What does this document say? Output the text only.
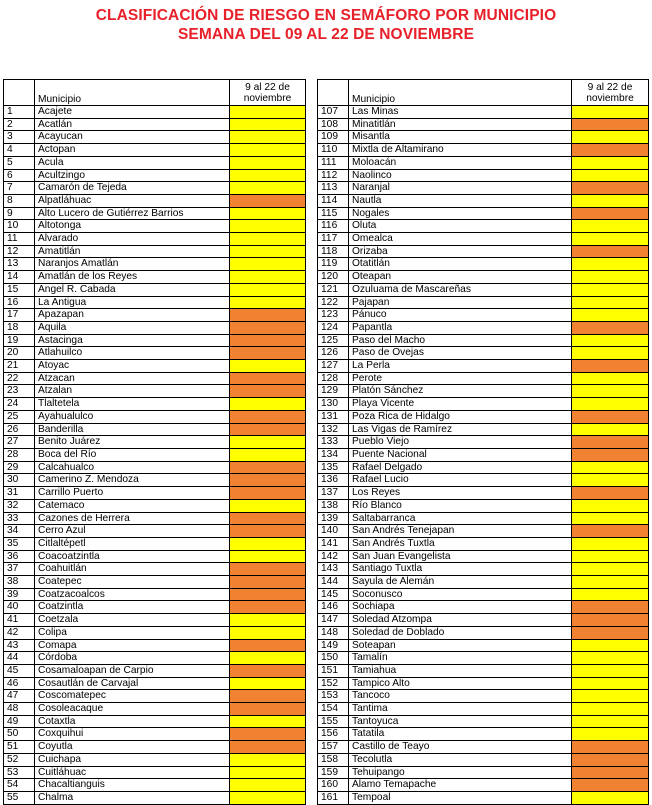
CLASIFICACIÓN DE RIESGO EN SEMÁFORO POR MUNICIPIO
SEMANA DEL 09 AL 22 DE NOVIEMBRE
	Municipio	9 al 22 de
noviembre
1	Acajete	
2	Acatlán	
3	Acayucan	
4	Actopan	
5	Acula	
6	Acultzingo	
7	Camarón de Tejeda	
8	Alpatláhuac	
9	Alto Lucero de Gutiérrez Barrios	
10	Altotonga	
11	Alvarado	
12	Amatitlán	
13	Naranjos Amatlán	
14	Amatlán de los Reyes	
15	Angel R. Cabada	
16	La Antigua	
17	Apazapan	
18	Aquila	
19	Astacinga	
20	Atlahuilco	
21	Atoyac	
22	Atzacan	
23	Atzalan	
24	Tlaltetela	
25	Ayahualulco	
26	Banderilla	
27	Benito Juárez	
28	Boca del Río	
29	Calcahualco	
30	Camerino Z. Mendoza	
31	Carrillo Puerto	
32	Catemaco	
33	Cazones de Herrera	
34	Cerro Azul	
35	Citlaltépetl	
36	Coacoatzintla	
37	Coahuitlán	
38	Coatepec	
39	Coatzacoalcos	
40	Coatzintla	
41	Coetzala	
42	Colipa	
43	Comapa	
44	Córdoba	
45	Cosamaloapan de Carpio	
46	Cosautlán de Carvajal	
47	Coscomatepec	
48	Cosoleacaque	
49	Cotaxtla	
50	Coxquihui	
51	Coyutla	
52	Cuichapa	
53	Cuitláhuac	
54	Chacaltianguis	
55	Chalma	
	Municipio	9 al 22 de
noviembre
107	Las Minas	
108	Minatitlán	
109	Misantla	
110	Mixtla de Altamirano	
111	Moloacán	
112	Naolinco	
113	Naranjal	
114	Nautla	
115	Nogales	
116	Oluta	
117	Omealca	
118	Orizaba	
119	Otatitlán	
120	Oteapan	
121	Ozuluama de Mascareñas	
122	Pajapan	
123	Pánuco	
124	Papantla	
125	Paso del Macho	
126	Paso de Ovejas	
127	La Perla	
128	Perote	
129	Platón Sánchez	
130	Playa Vicente	
131	Poza Rica de Hidalgo	
132	Las Vigas de Ramírez	
133	Pueblo Viejo	
134	Puente Nacional	
135	Rafael Delgado	
136	Rafael Lucio	
137	Los Reyes	
138	Río Blanco	
139	Saltabarranca	
140	San Andrés Tenejapan	
141	San Andrés Tuxtla	
142	San Juan Evangelista	
143	Santiago Tuxtla	
144	Sayula de Alemán	
145	Soconusco	
146	Sochiapa	
147	Soledad Atzompa	
148	Soledad de Doblado	
149	Soteapan	
150	Tamalín	
151	Tamiahua	
152	Tampico Alto	
153	Tancoco	
154	Tantima	
155	Tantoyuca	
156	Tatatila	
157	Castillo de Teayo	
158	Tecolutla	
159	Tehuipango	
160	Álamo Temapache	
161	Tempoal	
